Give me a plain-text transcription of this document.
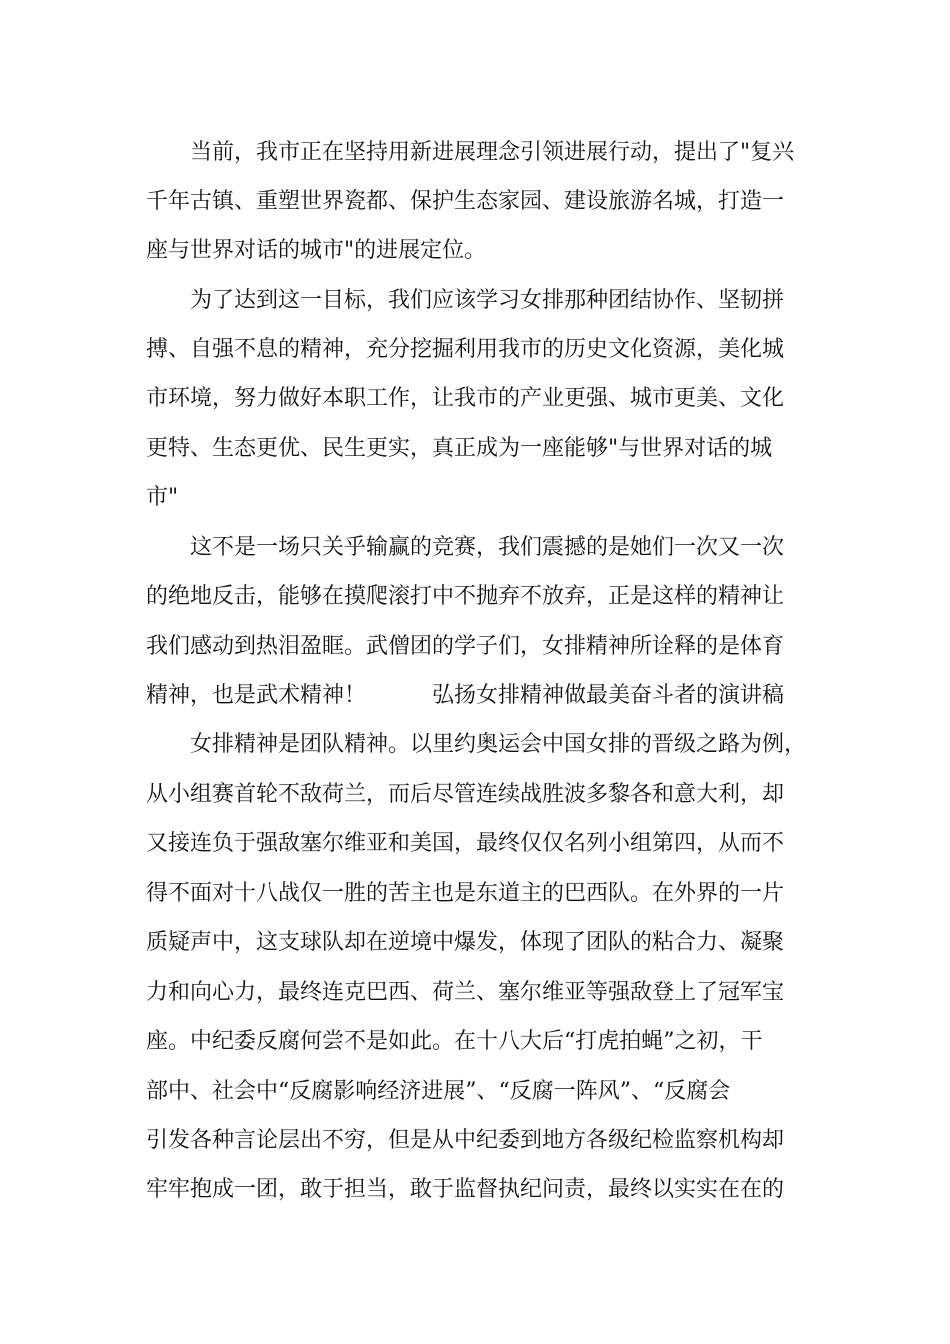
　　当前，我市正在坚持用新进展理念引领进展行动，提出了"复兴
千年古镇、重塑世界瓷都、保护生态家园、建设旅游名城，打造一
座与世界对话的城市"的进展定位。
　　为了达到这一目标，我们应该学习女排那种团结协作、坚韧拼
搏、自强不息的精神，充分挖掘利用我市的历史文化资源，美化城
市环境，努力做好本职工作，让我市的产业更强、城市更美、文化
更特、生态更优、民生更实，真正成为一座能够"与世界对话的城
市"
　　这不是一场只关乎输赢的竞赛，我们震撼的是她们一次又一次
的绝地反击，能够在摸爬滚打中不抛弃不放弃，正是这样的精神让
我们感动到热泪盈眶。武僧团的学子们，女排精神所诠释的是体育
精神，也是武术精神！　　　弘扬女排精神做最美奋斗者的演讲稿
　　女排精神是团队精神。以里约奥运会中国女排的晋级之路为例，
从小组赛首轮不敌荷兰，而后尽管连续战胜波多黎各和意大利，却
又接连负于强敌塞尔维亚和美国，最终仅仅名列小组第四，从而不
得不面对十八战仅一胜的苦主也是东道主的巴西队。在外界的一片
质疑声中，这支球队却在逆境中爆发，体现了团队的粘合力、凝聚
力和向心力，最终连克巴西、荷兰、塞尔维亚等强敌登上了冠军宝
座。中纪委反腐何尝不是如此。在十八大后“打虎拍蝇”之初，干
部中、社会中“反腐影响经济进展”、“反腐一阵风”、“反腐会
引发各种言论层出不穷，但是从中纪委到地方各级纪检监察机构却
牢牢抱成一团，敢于担当，敢于监督执纪问责，最终以实实在在的
